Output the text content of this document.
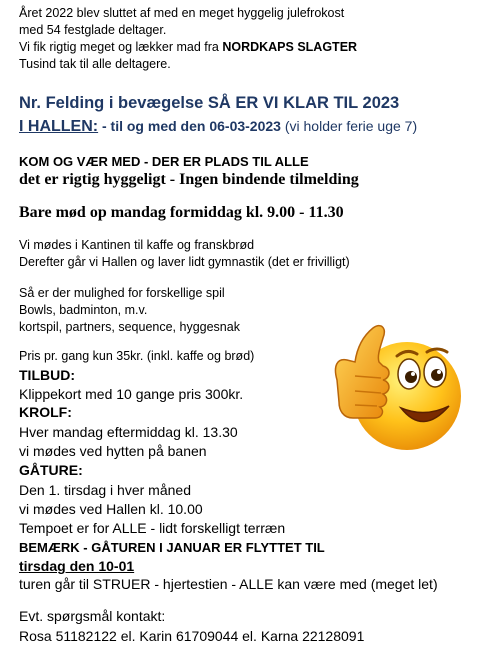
Året 2022 blev sluttet af med en meget hyggelig julefrokost
med 54 festglade deltager.
Vi fik rigtig meget og lækker mad fra NORDKAPS SLAGTER
Tusind tak til alle deltagere.
Nr. Felding i bevægelse SÅ ER VI KLAR TIL 2023
I HALLEN: - til og med den 06-03-2023 (vi holder ferie uge 7)
KOM OG VÆR MED - DER ER PLADS TIL ALLE
det er rigtig hyggeligt - Ingen bindende tilmelding
Bare mød op mandag formiddag kl. 9.00 - 11.30
Vi mødes i Kantinen til kaffe og franskbrød
Derefter går vi Hallen og laver lidt gymnastik (det er frivilligt)
Så er der mulighed for forskellige spil
Bowls, badminton, m.v.
kortspil, partners, sequence, hyggesnak
Pris pr. gang kun 35kr. (inkl. kaffe og brød)
TILBUD:
Klippekort med 10 gange pris 300kr.
KROLF:
Hver mandag eftermiddag kl. 13.30
vi mødes ved hytten på banen
GÅTURE:
Den 1. tirsdag i hver måned
vi mødes ved Hallen kl. 10.00
Tempoet er for ALLE - lidt forskelligt terræn
BEMÆRK - GÅTUREN I JANUAR ER FLYTTET TIL
tirsdag den 10-01
turen går til STRUER - hjertestien - ALLE kan være med (meget let)
Evt. spørgsmål kontakt:
Rosa 51182122 el. Karin 61709044 el. Karna 22128091
